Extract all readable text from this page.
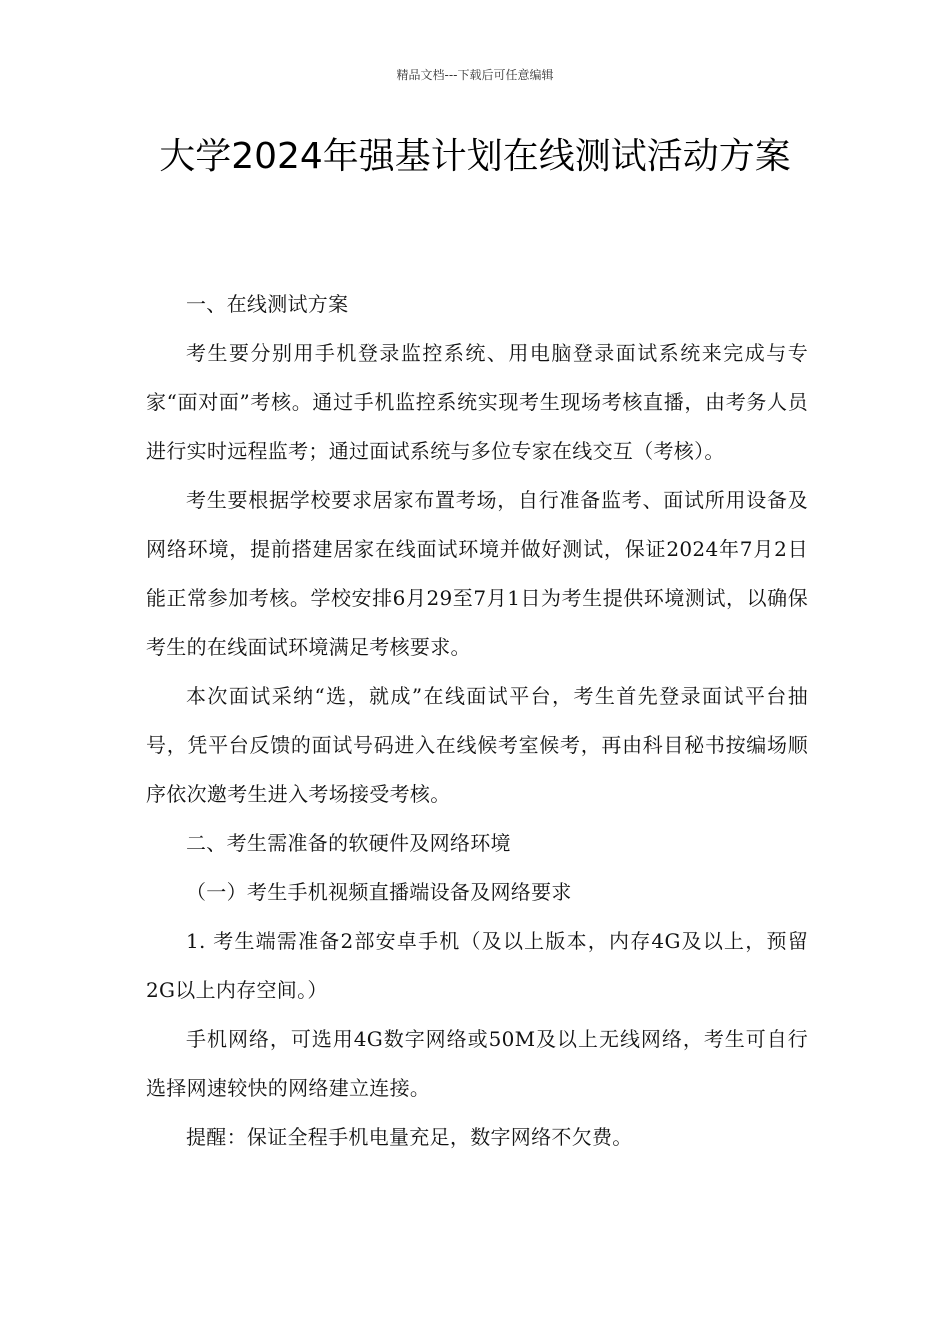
精品文档---下载后可任意编辑
大学2024年强基计划在线测试活动方案

一、在线测试方案

考生要分别用手机登录监控系统、用电脑登录面试系统来完成与专家“面对面”考核。通过手机监控系统实现考生现场考核直播，由考务人员进行实时远程监考；通过面试系统与多位专家在线交互（考核）。

考生要根据学校要求居家布置考场，自行准备监考、面试所用设备及网络环境，提前搭建居家在线面试环境并做好测试，保证2024年7月2日能正常参加考核。学校安排6月29至7月1日为考生提供环境测试，以确保考生的在线面试环境满足考核要求。

本次面试采纳“选，就成”在线面试平台，考生首先登录面试平台抽号，凭平台反馈的面试号码进入在线候考室候考，再由科目秘书按编场顺序依次邀考生进入考场接受考核。

二、考生需准备的软硬件及网络环境

（一）考生手机视频直播端设备及网络要求

1. 考生端需准备2部安卓手机（及以上版本，内存4G及以上，预留2G以上内存空间。）

手机网络，可选用4G数字网络或50M及以上无线网络，考生可自行选择网速较快的网络建立连接。

提醒：保证全程手机电量充足，数字网络不欠费。
